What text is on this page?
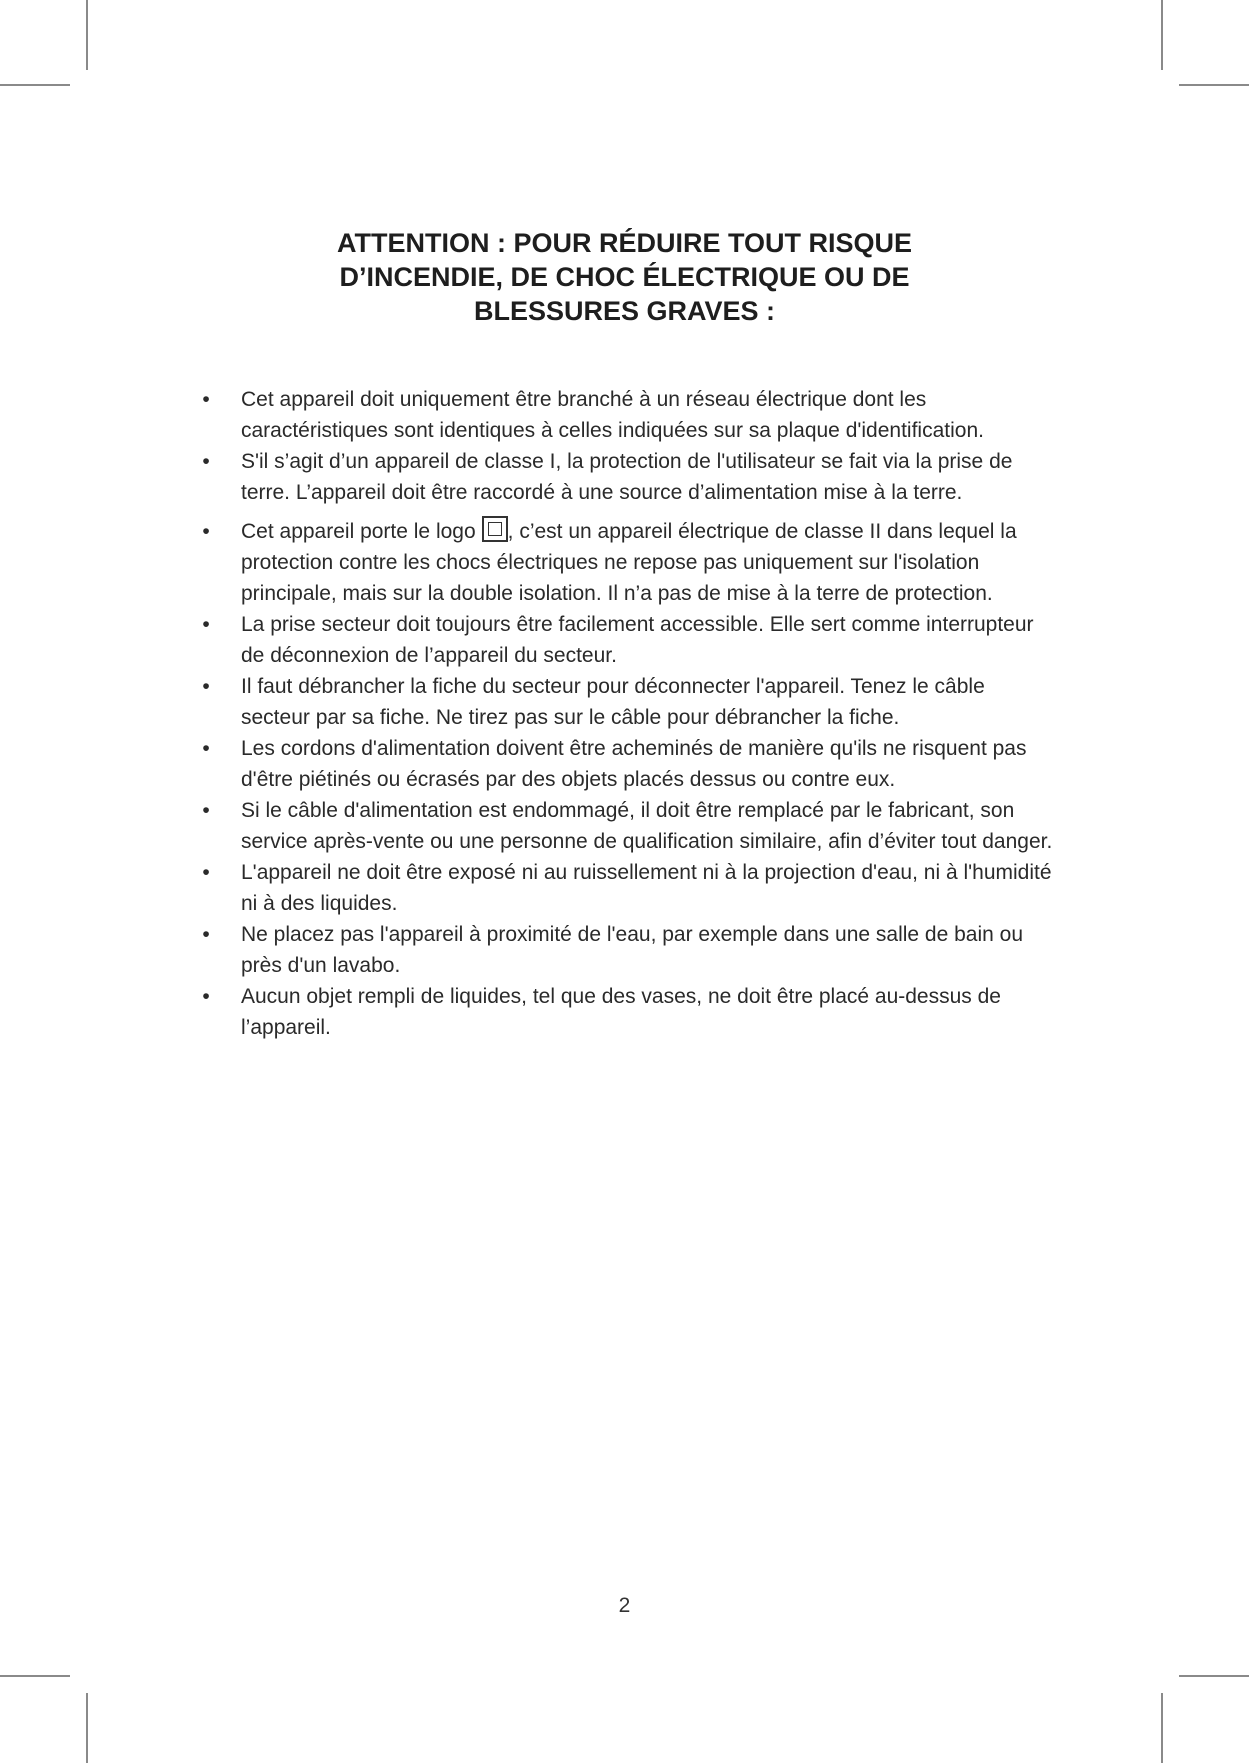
ATTENTION : POUR RÉDUIRE TOUT RISQUE
D’INCENDIE, DE CHOC ÉLECTRIQUE OU DE
BLESSURES GRAVES :
• Cet appareil doit uniquement être branché à un réseau électrique dont les caractéristiques sont identiques à celles indiquées sur sa plaque d'identification.
• S'il s’agit d’un appareil de classe I, la protection de l'utilisateur se fait via la prise de terre. L’appareil doit être raccordé à une source d’alimentation mise à la terre.
• Cet appareil porte le logo , c’est un appareil électrique de classe II dans lequel la protection contre les chocs électriques ne repose pas uniquement sur l'isolation principale, mais sur la double isolation. Il n’a pas de mise à la terre de protection.
• La prise secteur doit toujours être facilement accessible. Elle sert comme interrupteur de déconnexion de l’appareil du secteur.
• Il faut débrancher la fiche du secteur pour déconnecter l'appareil. Tenez le câble secteur par sa fiche. Ne tirez pas sur le câble pour débrancher la fiche.
• Les cordons d'alimentation doivent être acheminés de manière qu'ils ne risquent pas d'être piétinés ou écrasés par des objets placés dessus ou contre eux.
• Si le câble d'alimentation est endommagé, il doit être remplacé par le fabricant, son service après-vente ou une personne de qualification similaire, afin d’éviter tout danger.
• L'appareil ne doit être exposé ni au ruissellement ni à la projection d'eau, ni à l'humidité ni à des liquides.
• Ne placez pas l'appareil à proximité de l'eau, par exemple dans une salle de bain ou près d'un lavabo.
• Aucun objet rempli de liquides, tel que des vases, ne doit être placé au-dessus de l’appareil.
2
